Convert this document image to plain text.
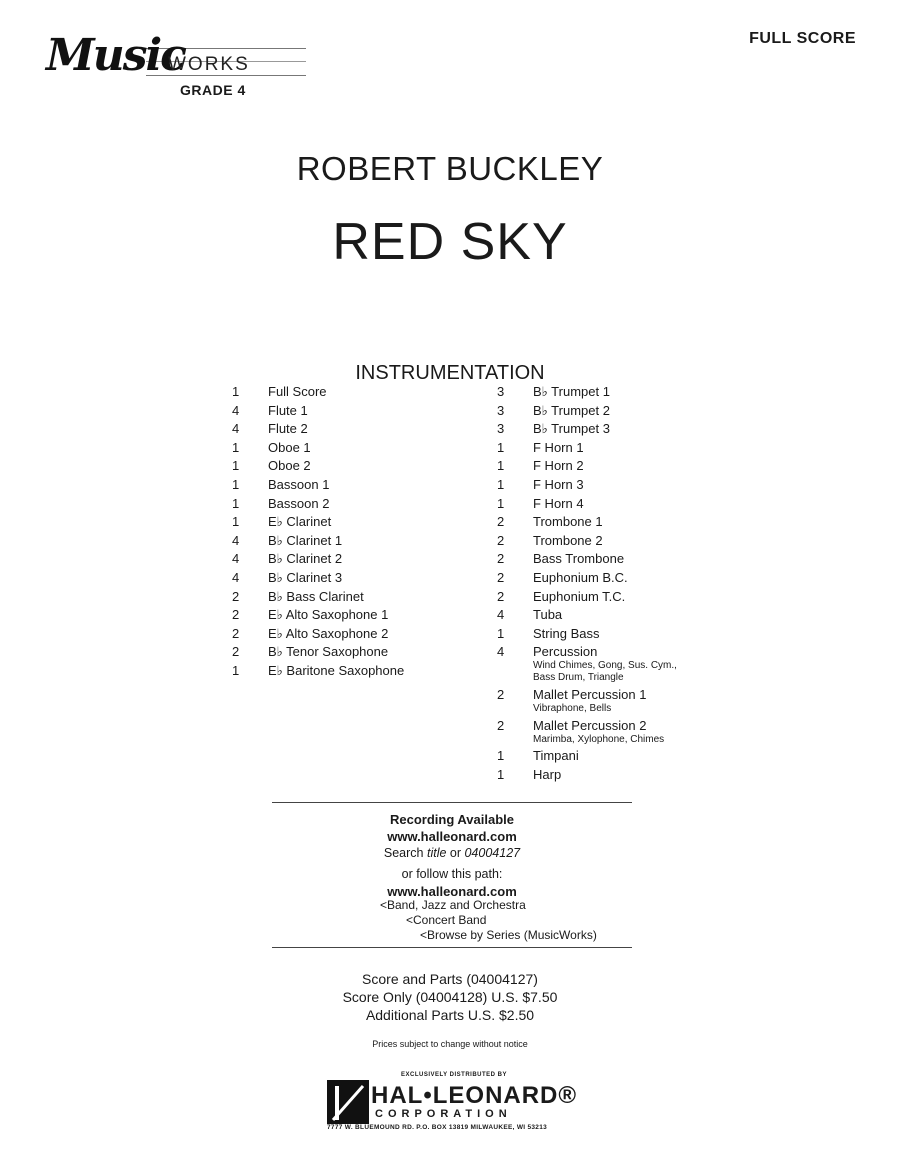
Music
WORKS
GRADE 4
FULL SCORE
ROBERT BUCKLEY
RED SKY
INSTRUMENTATION
1 Full Score
4 Flute 1
4 Flute 2
1 Oboe 1
1 Oboe 2
1 Bassoon 1
1 Bassoon 2
1 E♭ Clarinet
4 B♭ Clarinet 1
4 B♭ Clarinet 2
4 B♭ Clarinet 3
2 B♭ Bass Clarinet
2 E♭ Alto Saxophone 1
2 E♭ Alto Saxophone 2
2 B♭ Tenor Saxophone
1 E♭ Baritone Saxophone
3 B♭ Trumpet 1
3 B♭ Trumpet 2
3 B♭ Trumpet 3
1 F Horn 1
1 F Horn 2
1 F Horn 3
1 F Horn 4
2 Trombone 1
2 Trombone 2
2 Bass Trombone
2 Euphonium B.C.
2 Euphonium T.C.
4 Tuba
1 String Bass
4 Percussion
Wind Chimes, Gong, Sus. Cym.,
Bass Drum, Triangle
2 Mallet Percussion 1
Vibraphone, Bells
2 Mallet Percussion 2
Marimba, Xylophone, Chimes
1 Timpani
1 Harp
Recording Available
www.halleonard.com
Search title or 04004127
or follow this path:
www.halleonard.com
<Band, Jazz and Orchestra
<Concert Band
<Browse by Series (MusicWorks)
Score and Parts (04004127)
Score Only (04004128) U.S. $7.50
Additional Parts U.S. $2.50
Prices subject to change without notice
EXCLUSIVELY DISTRIBUTED BY
HAL•LEONARD®
CORPORATION
7777 W. BLUEMOUND RD. P.O. BOX 13819 MILWAUKEE, WI 53213
